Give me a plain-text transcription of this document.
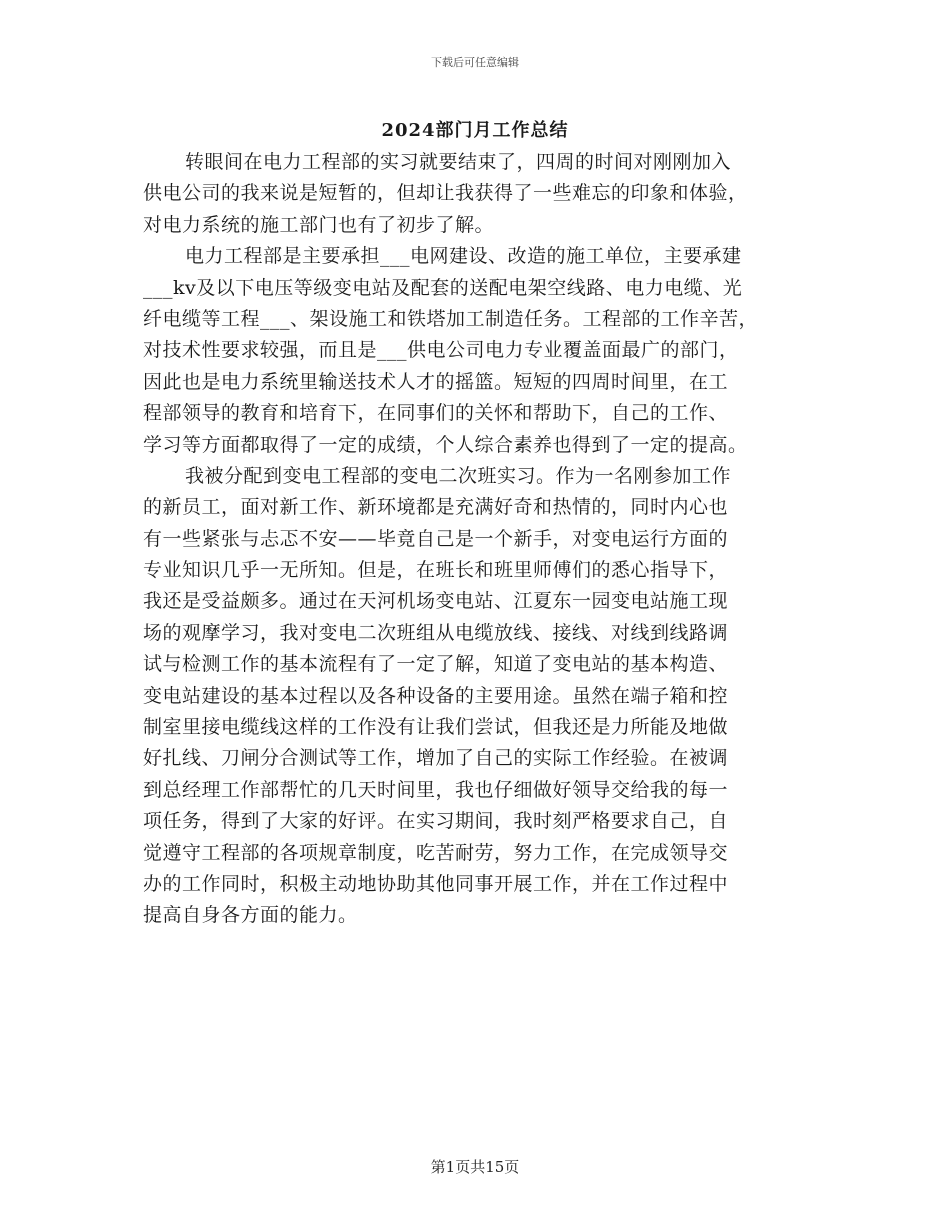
下载后可任意编辑
2024部门月工作总结
转眼间在电力工程部的实习就要结束了，四周的时间对刚刚加入
供电公司的我来说是短暂的，但却让我获得了一些难忘的印象和体验，
对电力系统的施工部门也有了初步了解。
电力工程部是主要承担___电网建设、改造的施工单位，主要承建
___kv及以下电压等级变电站及配套的送配电架空线路、电力电缆、光
纤电缆等工程___、架设施工和铁塔加工制造任务。工程部的工作辛苦，
对技术性要求较强，而且是___供电公司电力专业覆盖面最广的部门，
因此也是电力系统里输送技术人才的摇篮。短短的四周时间里，在工
程部领导的教育和培育下，在同事们的关怀和帮助下，自己的工作、
学习等方面都取得了一定的成绩，个人综合素养也得到了一定的提高。
我被分配到变电工程部的变电二次班实习。作为一名刚参加工作
的新员工，面对新工作、新环境都是充满好奇和热情的，同时内心也
有一些紧张与忐忑不安——毕竟自己是一个新手，对变电运行方面的
专业知识几乎一无所知。但是，在班长和班里师傅们的悉心指导下，
我还是受益颇多。通过在天河机场变电站、江夏东一园变电站施工现
场的观摩学习，我对变电二次班组从电缆放线、接线、对线到线路调
试与检测工作的基本流程有了一定了解，知道了变电站的基本构造、
变电站建设的基本过程以及各种设备的主要用途。虽然在端子箱和控
制室里接电缆线这样的工作没有让我们尝试，但我还是力所能及地做
好扎线、刀闸分合测试等工作，增加了自己的实际工作经验。在被调
到总经理工作部帮忙的几天时间里，我也仔细做好领导交给我的每一
项任务，得到了大家的好评。在实习期间，我时刻严格要求自己，自
觉遵守工程部的各项规章制度，吃苦耐劳，努力工作，在完成领导交
办的工作同时，积极主动地协助其他同事开展工作，并在工作过程中
提高自身各方面的能力。
第1页共15页
